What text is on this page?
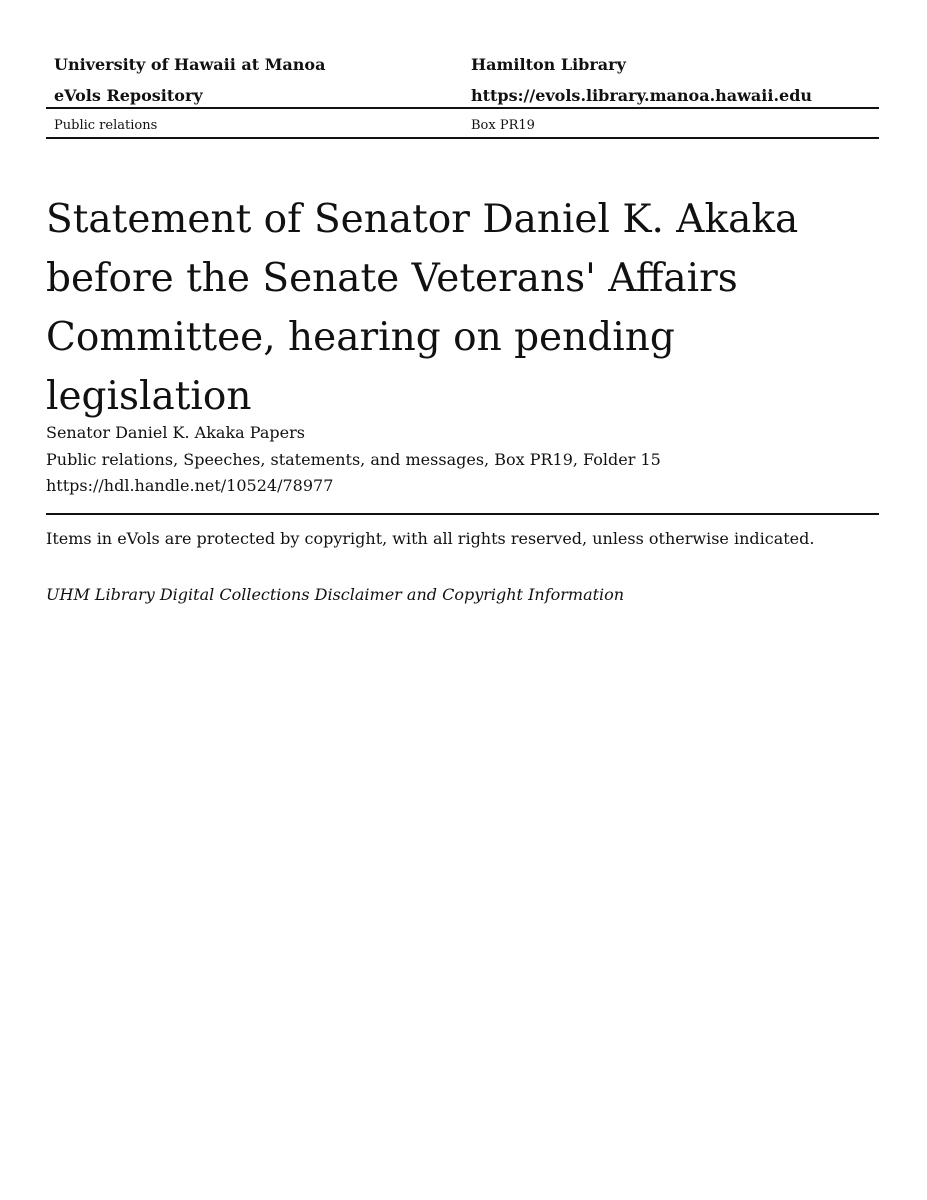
University of Hawaii at Manoa
eVols Repository
Hamilton Library
https://evols.library.manoa.hawaii.edu
Public relations	Box PR19
Statement of Senator Daniel K. Akaka before the Senate Veterans' Affairs Committee, hearing on pending legislation
Senator Daniel K. Akaka Papers
Public relations, Speeches, statements, and messages, Box PR19, Folder 15
https://hdl.handle.net/10524/78977
Items in eVols are protected by copyright, with all rights reserved, unless otherwise indicated.
UHM Library Digital Collections Disclaimer and Copyright Information
